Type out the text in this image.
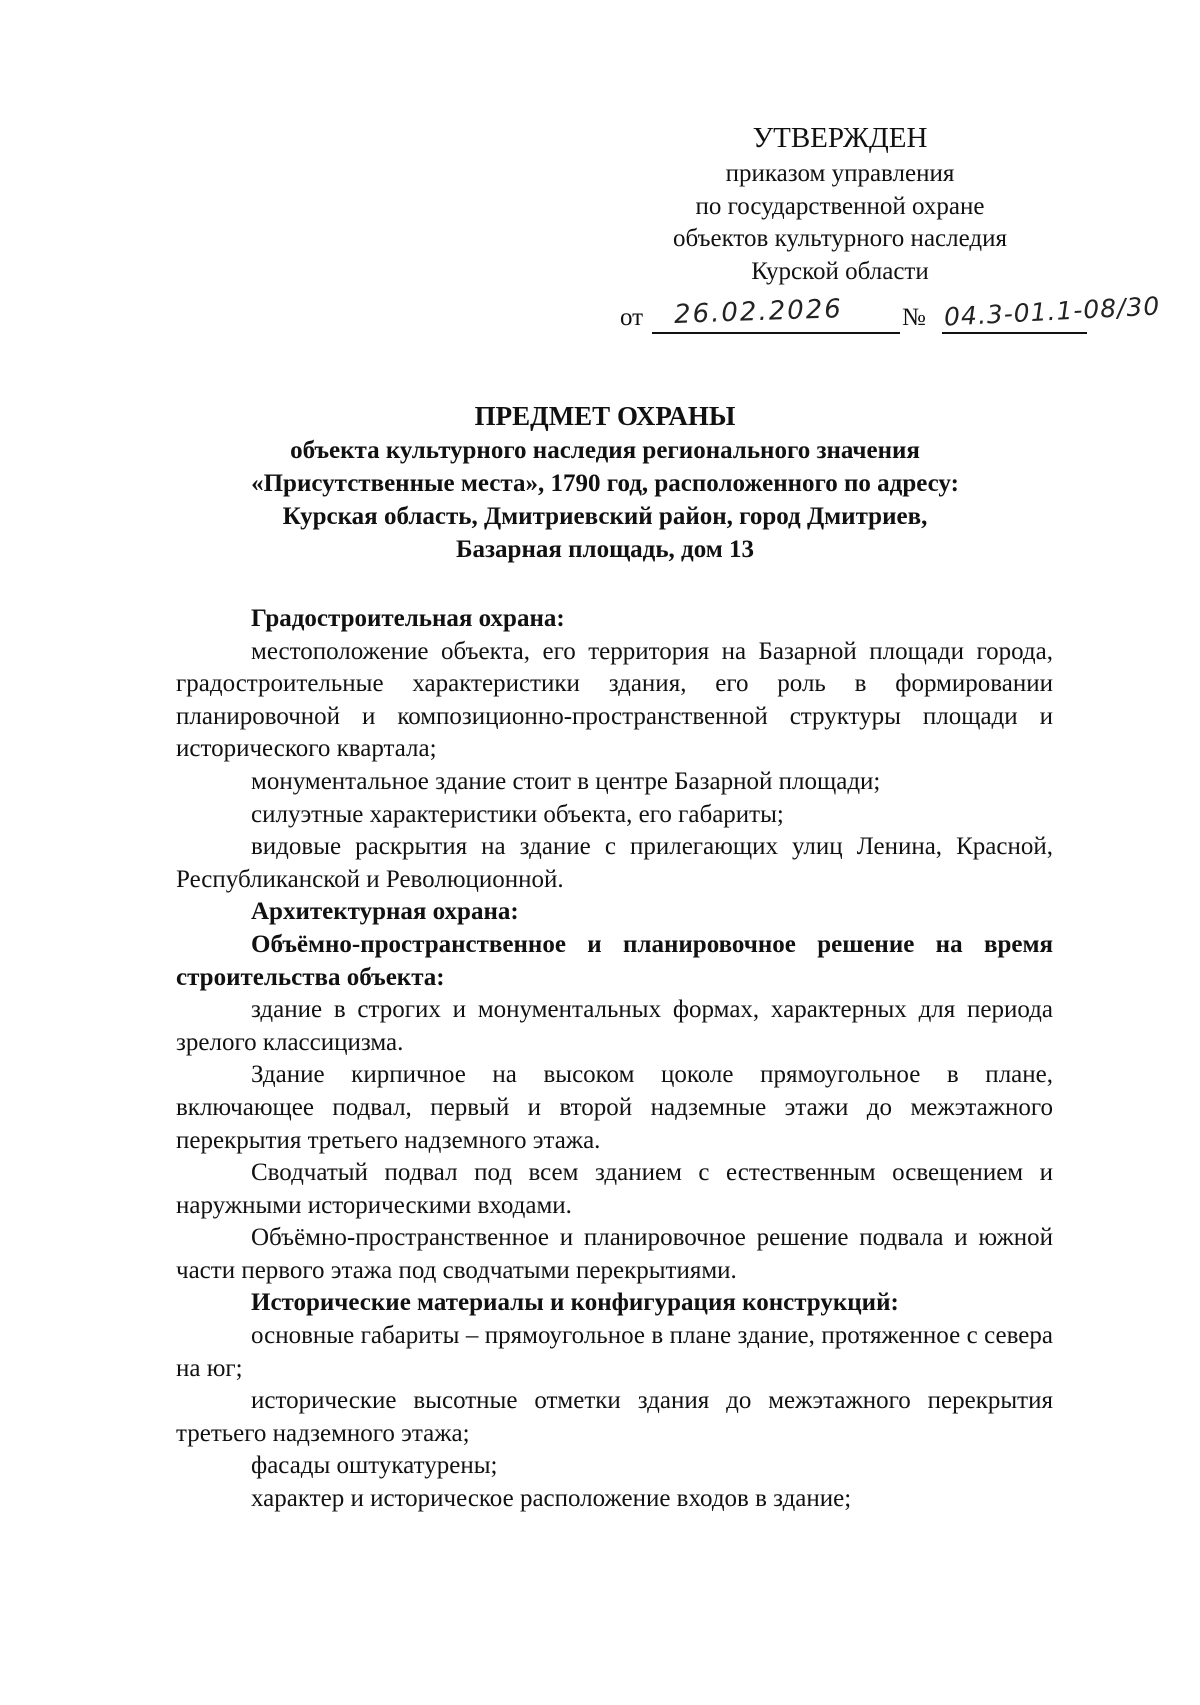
УТВЕРЖДЕН
приказом управления
по государственной охране
объектов культурного наследия
Курской области
от 26.02.2026 № 04.3-01.1-08/30
ПРЕДМЕТ ОХРАНЫ
объекта культурного наследия регионального значения
«Присутственные места», 1790 год, расположенного по адресу:
Курская область, Дмитриевский район, город Дмитриев,
Базарная площадь, дом 13

Градостроительная охрана:

местоположение объекта, его территория на Базарной площади города, градостроительные характеристики здания, его роль в формировании планировочной и композиционно-пространственной структуры площади и исторического квартала;

монументальное здание стоит в центре Базарной площади;

силуэтные характеристики объекта, его габариты;

видовые раскрытия на здание с прилегающих улиц Ленина, Красной, Республиканской и Революционной.

Архитектурная охрана:

Объёмно-пространственное и планировочное решение на время строительства объекта:

здание в строгих и монументальных формах, характерных для периода зрелого классицизма.

Здание кирпичное на высоком цоколе прямоугольное в плане, включающее подвал, первый и второй надземные этажи до межэтажного перекрытия третьего надземного этажа.

Сводчатый подвал под всем зданием с естественным освещением и наружными историческими входами.

Объёмно-пространственное и планировочное решение подвала и южной части первого этажа под сводчатыми перекрытиями.

Исторические материалы и конфигурация конструкций:

основные габариты – прямоугольное в плане здание, протяженное с севера на юг;

исторические высотные отметки здания до межэтажного перекрытия третьего надземного этажа;

фасады оштукатурены;

характер и историческое расположение входов в здание;
